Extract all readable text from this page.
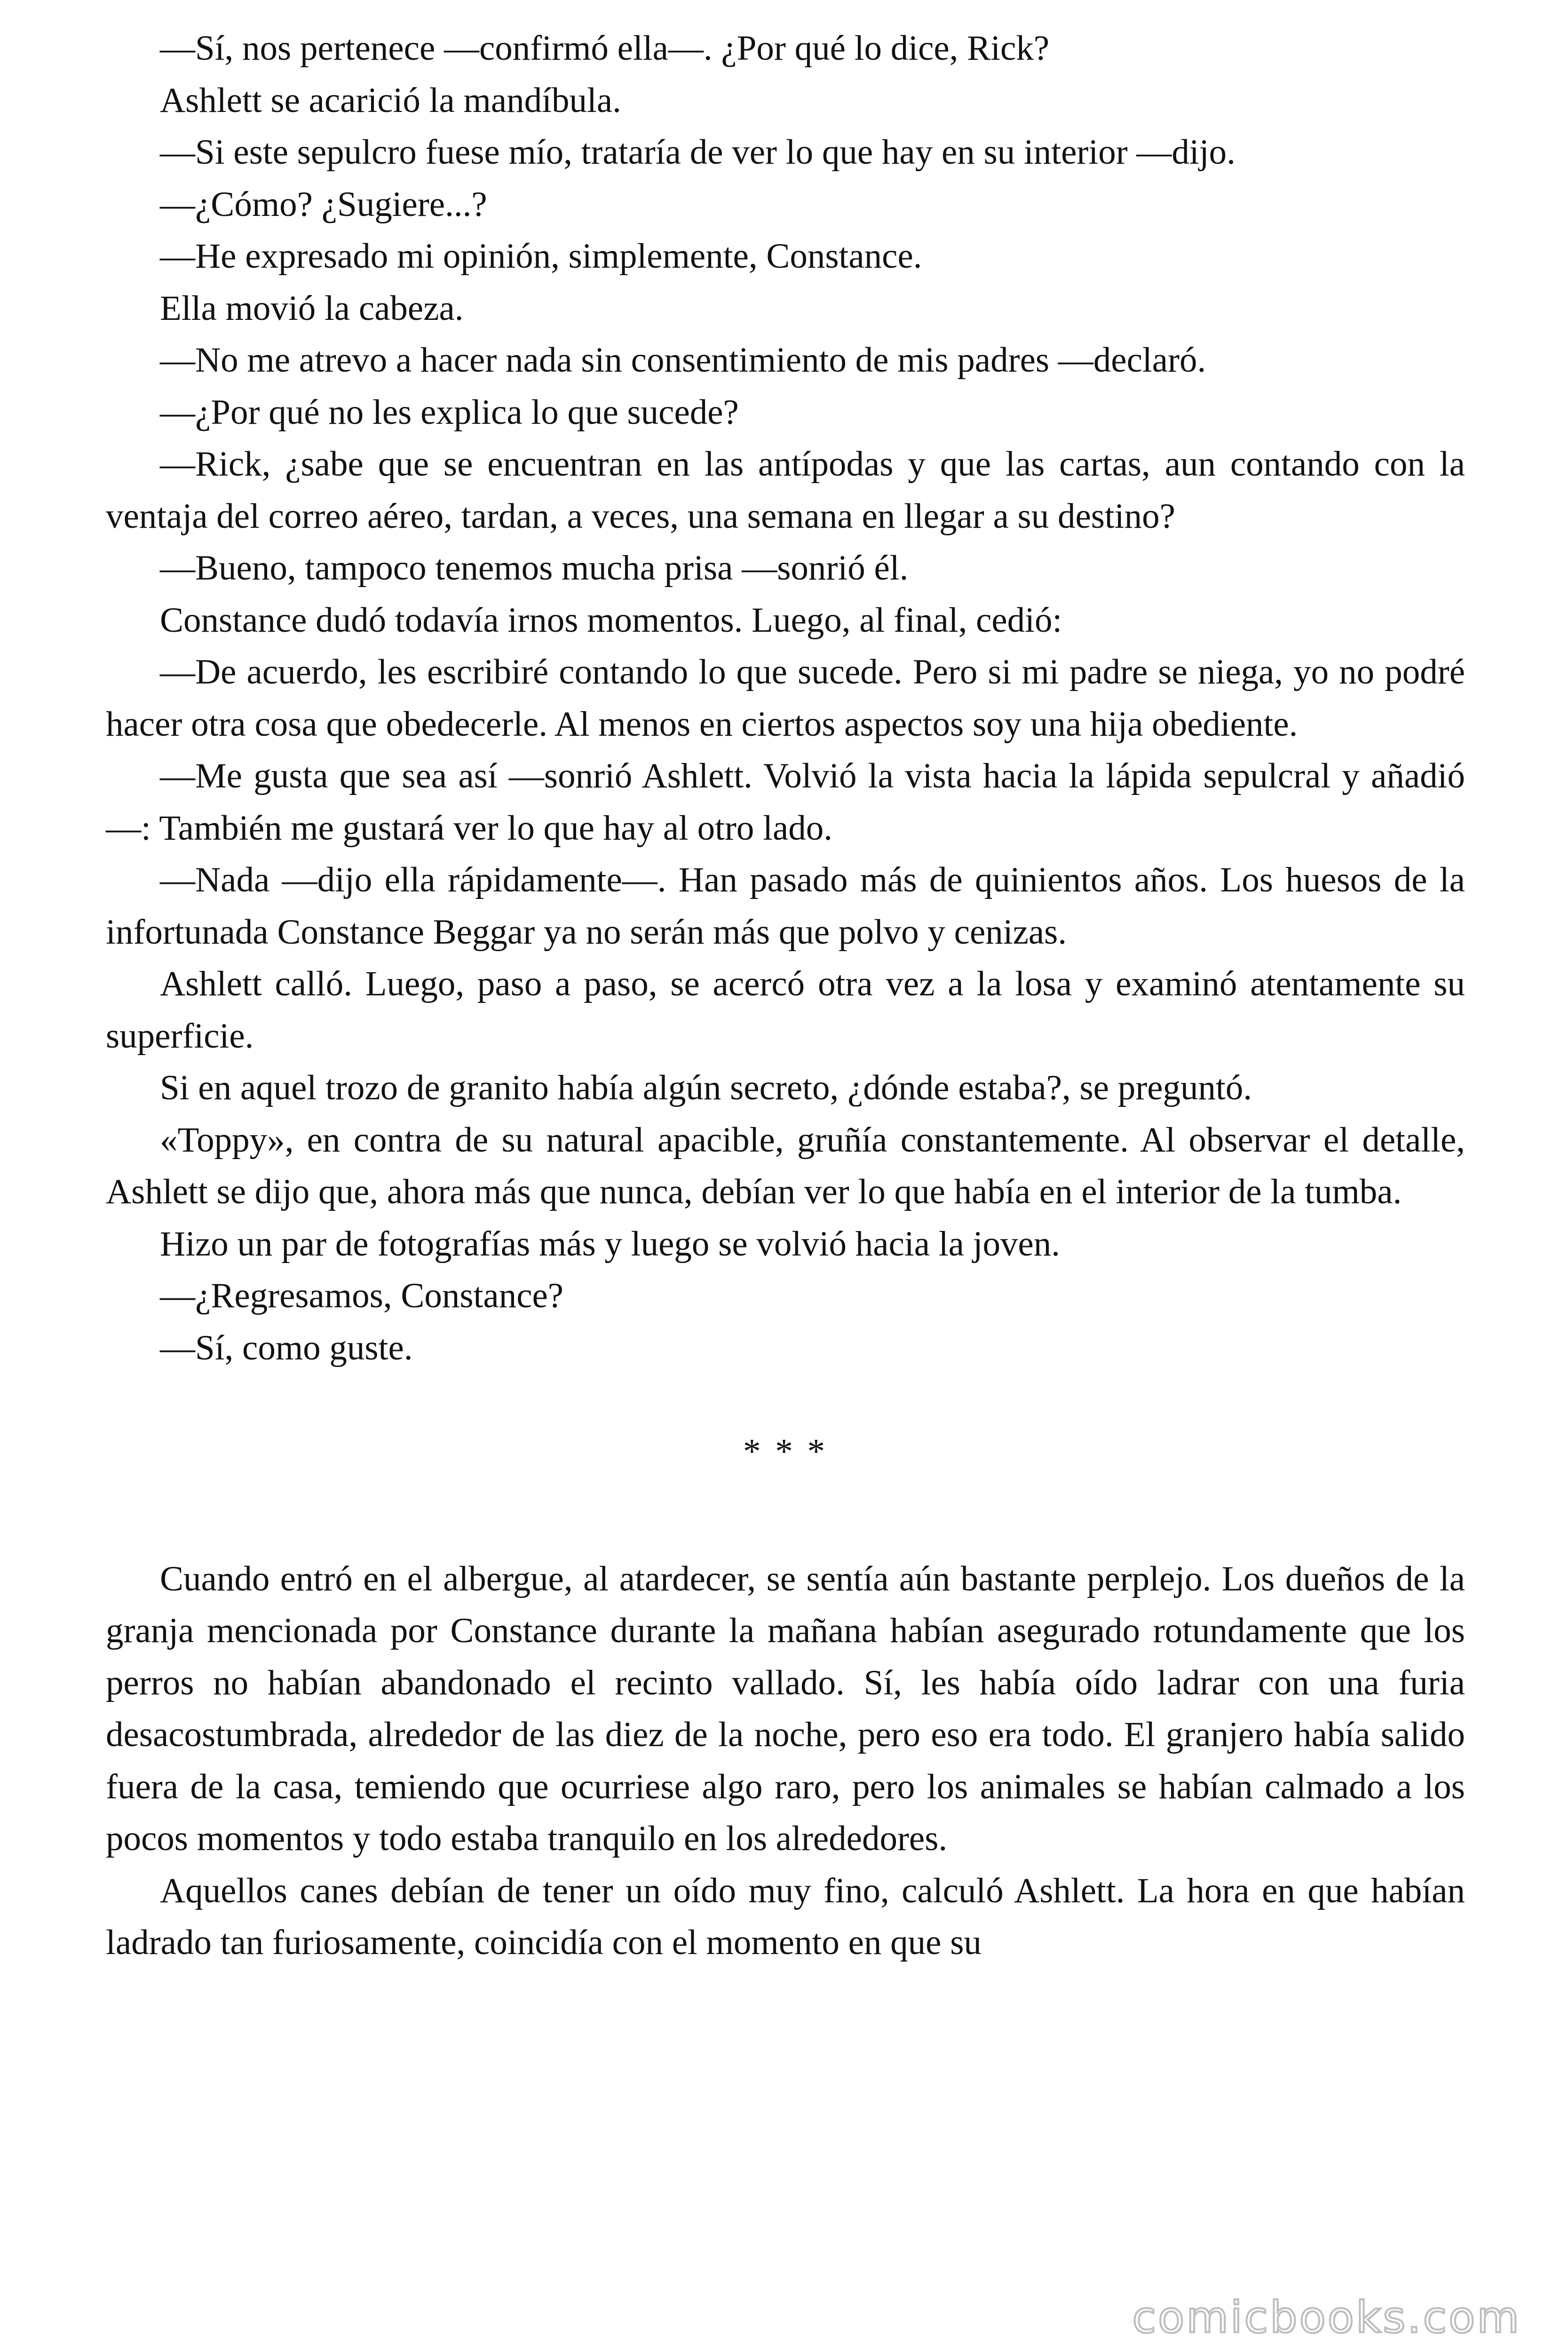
—Sí, nos pertenece —confirmó ella—. ¿Por qué lo dice, Rick?

Ashlett se acarició la mandíbula.

—Si este sepulcro fuese mío, trataría de ver lo que hay en su interior —dijo.

—¿Cómo? ¿Sugiere...?

—He expresado mi opinión, simplemente, Constance.

Ella movió la cabeza.

—No me atrevo a hacer nada sin consentimiento de mis padres —declaró.

—¿Por qué no les explica lo que sucede?

—Rick, ¿sabe que se encuentran en las antípodas y que las cartas, aun contando con la ventaja del correo aéreo, tardan, a veces, una semana en llegar a su destino?

—Bueno, tampoco tenemos mucha prisa —sonrió él.

Constance dudó todavía irnos momentos. Luego, al final, cedió:

—De acuerdo, les escribiré contando lo que sucede. Pero si mi padre se niega, yo no podré hacer otra cosa que obedecerle. Al menos en ciertos aspectos soy una hija obediente.

—Me gusta que sea así —sonrió Ashlett. Volvió la vista hacia la lápida sepulcral y añadió —: También me gustará ver lo que hay al otro lado.

—Nada —dijo ella rápidamente—. Han pasado más de quinientos años. Los huesos de la infortunada Constance Beggar ya no serán más que polvo y cenizas.

Ashlett calló. Luego, paso a paso, se acercó otra vez a la losa y examinó atentamente su superficie.

Si en aquel trozo de granito había algún secreto, ¿dónde estaba?, se preguntó.

«Toppy», en contra de su natural apacible, gruñía constantemente. Al observar el detalle, Ashlett se dijo que, ahora más que nunca, debían ver lo que había en el interior de la tumba.

Hizo un par de fotografías más y luego se volvió hacia la joven.

—¿Regresamos, Constance?

—Sí, como guste.

* * *

Cuando entró en el albergue, al atardecer, se sentía aún bastante perplejo. Los dueños de la granja mencionada por Constance durante la mañana habían asegurado rotundamente que los perros no habían abandonado el recinto vallado. Sí, les había oído ladrar con una furia desacostumbrada, alrededor de las diez de la noche, pero eso era todo. El granjero había salido fuera de la casa, temiendo que ocurriese algo raro, pero los animales se habían calmado a los pocos momentos y todo estaba tranquilo en los alrededores.

Aquellos canes debían de tener un oído muy fino, calculó Ashlett. La hora en que habían ladrado tan furiosamente, coincidía con el momento en que su

comicbooks.com
